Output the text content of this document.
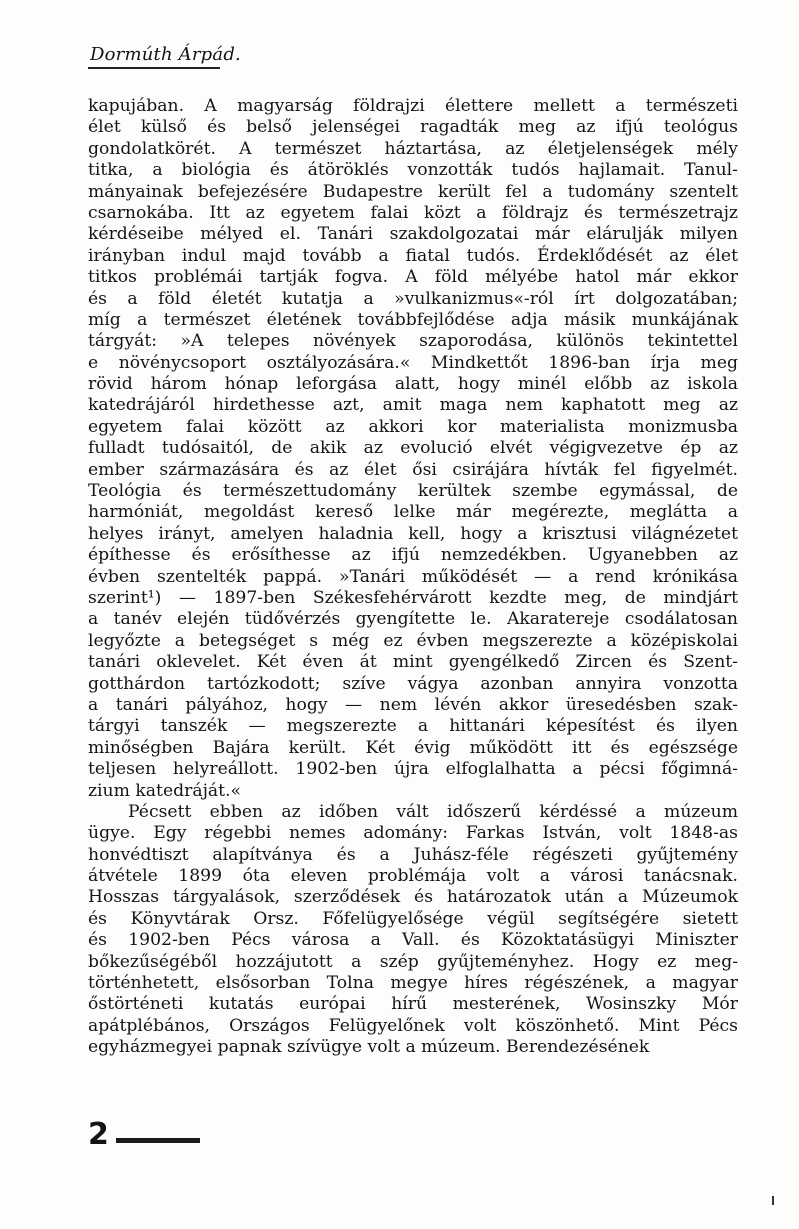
Dormúth Árpád.
kapujában. A magyarság földrajzi élettere mellett a természeti
élet külső és belső jelenségei ragadták meg az ifjú teológus
gondolatkörét. A természet háztartása, az életjelenségek mély
titka, a biológia és átöröklés vonzották tudós hajlamait. Tanul-
mányainak befejezésére Budapestre került fel a tudomány szentelt
csarnokába. Itt az egyetem falai közt a földrajz és természetrajz
kérdéseibe mélyed el. Tanári szakdolgozatai már elárulják milyen
irányban indul majd tovább a fiatal tudós. Érdeklődését az élet
titkos problémái tartják fogva. A föld mélyébe hatol már ekkor
és a föld életét kutatja a »vulkanizmus«-ról írt dolgozatában;
míg a természet életének továbbfejlődése adja másik munkájának
tárgyát: »A telepes növények szaporodása, különös tekintettel
e növénycsoport osztályozására.« Mindkettőt 1896-ban írja meg
rövid három hónap leforgása alatt, hogy minél előbb az iskola
katedrájáról hirdethesse azt, amit maga nem kaphatott meg az
egyetem falai között az akkori kor materialista monizmusba
fulladt tudósaitól, de akik az evolució elvét végigvezetve ép az
ember származására és az élet ősi csirájára hívták fel figyelmét.
Teológia és természettudomány kerültek szembe egymással, de
harmóniát, megoldást kereső lelke már megérezte, meglátta a
helyes irányt, amelyen haladnia kell, hogy a krisztusi világnézetet
építhesse és erősíthesse az ifjú nemzedékben. Ugyanebben az
évben szentelték pappá. »Tanári működését — a rend krónikása
szerint¹) — 1897-ben Székesfehérvárott kezdte meg, de mindjárt
a tanév elején tüdővérzés gyengítette le. Akaratereje csodálatosan
legyőzte a betegséget s még ez évben megszerezte a középiskolai
tanári oklevelet. Két éven át mint gyengélkedő Zircen és Szent-
gotthárdon tartózkodott; szíve vágya azonban annyira vonzotta
a tanári pályához, hogy — nem lévén akkor üresedésben szak-
tárgyi tanszék — megszerezte a hittanári képesítést és ilyen
minőségben Bajára került. Két évig működött itt és egészsége
teljesen helyreállott. 1902-ben újra elfoglalhatta a pécsi főgimná-
zium katedráját.«
Pécsett ebben az időben vált időszerű kérdéssé a múzeum
ügye. Egy régebbi nemes adomány: Farkas István, volt 1848-as
honvédtiszt alapítványa és a Juhász-féle régészeti gyűjtemény
átvétele 1899 óta eleven problémája volt a városi tanácsnak.
Hosszas tárgyalások, szerződések és határozatok után a Múzeumok
és Könyvtárak Orsz. Főfelügyelősége végül segítségére sietett
és 1902-ben Pécs városa a Vall. és Közoktatásügyi Miniszter
bőkezűségéből hozzájutott a szép gyűjteményhez. Hogy ez meg-
történhetett, elsősorban Tolna megye híres régészének, a magyar
őstörténeti kutatás európai hírű mesterének, Wosinszky Mór
apátplébános, Országos Felügyelőnek volt köszönhető. Mint Pécs
egyházmegyei papnak szívügye volt a múzeum. Berendezésének
2
